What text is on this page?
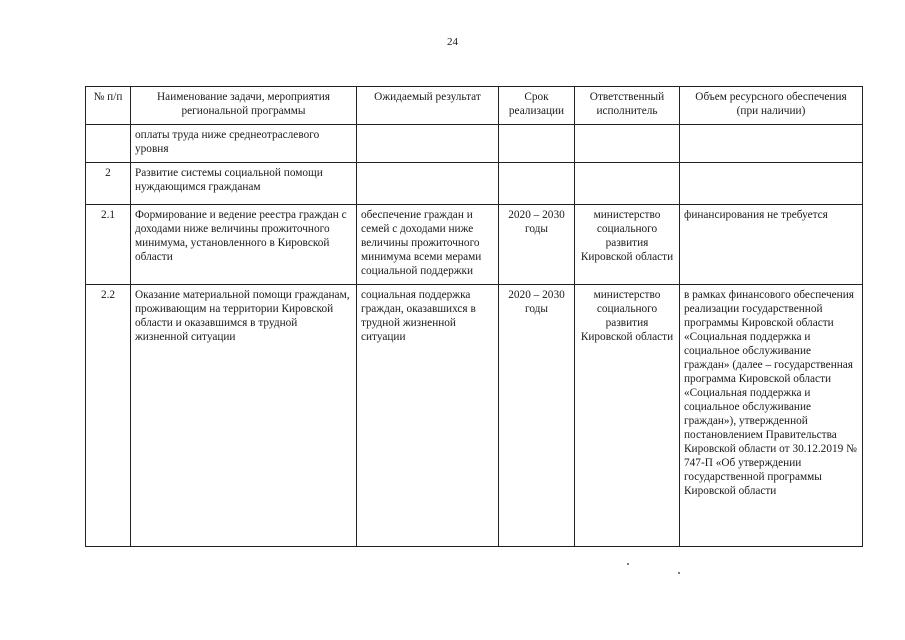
24
№ п/п	Наименование задачи, мероприятия региональной программы	Ожидаемый результат	Срок реализации	Ответственный исполнитель	Объем ресурсного обеспечения (при наличии)
	оплаты труда ниже среднеотраслевого уровня				
2	Развитие системы социальной помощи нуждающимся гражданам				
2.1	Формирование и ведение реестра граждан с доходами ниже величины прожиточного минимума, установленного в Кировской области	обеспечение граждан и семей с доходами ниже величины прожиточного минимума всеми мерами социальной поддержки	2020 – 2030 годы	министерство социального развития Кировской области	финансирования не требуется
2.2	Оказание материальной помощи гражданам, проживающим на территории Кировской области и оказавшимся в трудной жизненной ситуации	социальная поддержка граждан, оказавшихся в трудной жизненной ситуации	2020 – 2030 годы	министерство социального развития Кировской области	в рамках финансового обеспечения реализации государственной программы Кировской области «Социальная поддержка и социальное обслуживание граждан» (далее – государственная программа Кировской области «Социальная поддержка и социальное обслуживание граждан»), утвержденной постановлением Правительства Кировской области от 30.12.2019 № 747-П «Об утверждении государственной программы Кировской области
